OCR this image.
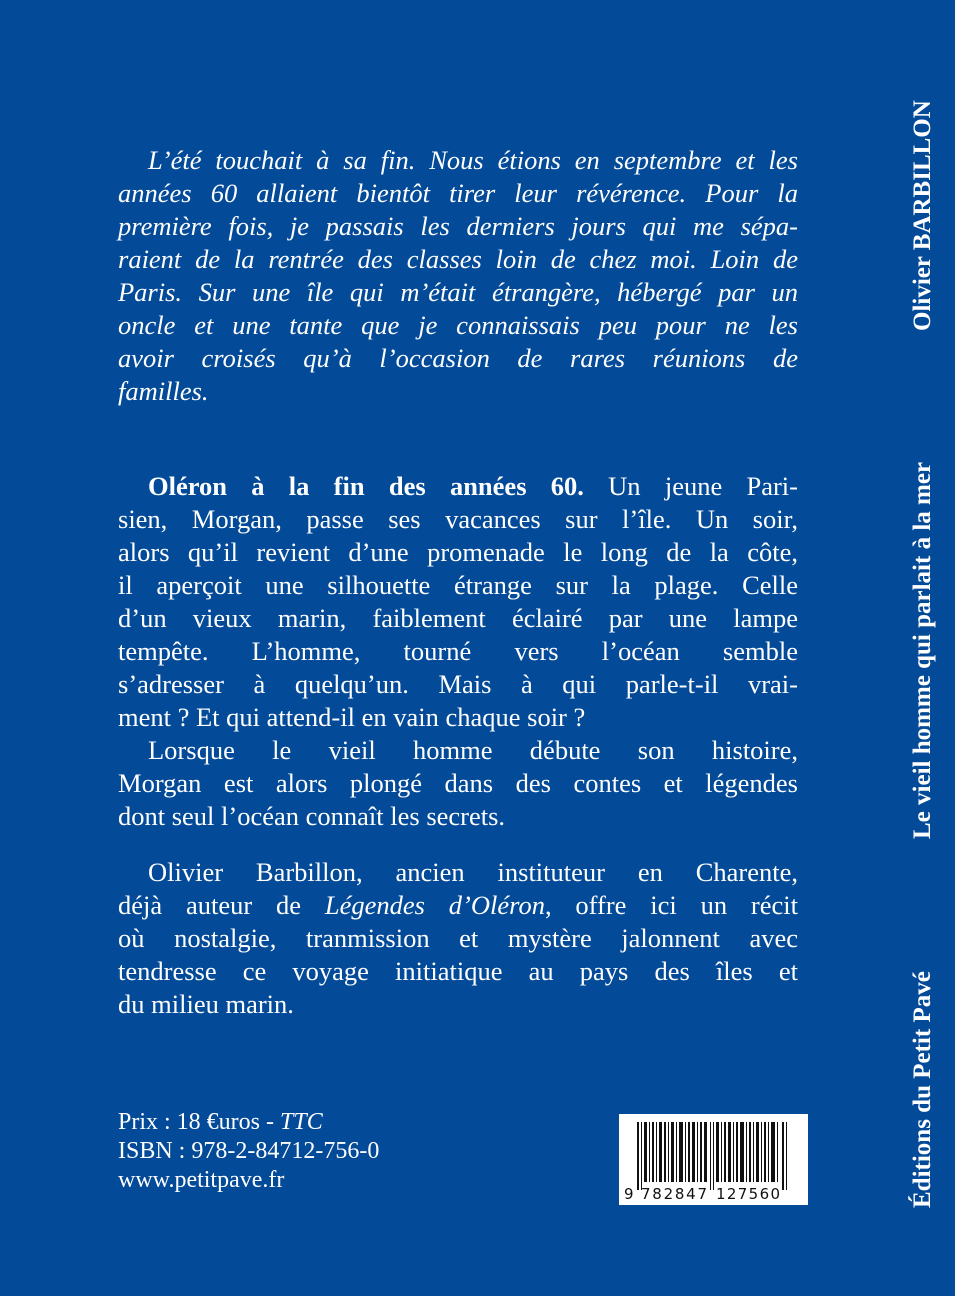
L’été touchait à sa fin. Nous étions en septembre et les
années 60 allaient bientôt tirer leur révérence. Pour la
première fois, je passais les derniers jours qui me sépa-
raient de la rentrée des classes loin de chez moi. Loin de
Paris. Sur une île qui m’était étrangère, hébergé par un
oncle et une tante que je connaissais peu pour ne les
avoir croisés qu’à l’occasion de rares réunions de
familles.
Oléron à la fin des années 60. Un jeune Pari-
sien, Morgan, passe ses vacances sur l’île. Un soir,
alors qu’il revient d’une promenade le long de la côte,
il aperçoit une silhouette étrange sur la plage. Celle
d’un vieux marin, faiblement éclairé par une lampe
tempête. L’homme, tourné vers l’océan semble
s’adresser à quelqu’un. Mais à qui parle-t-il vrai-
ment ? Et qui attend-il en vain chaque soir ?
Lorsque le vieil homme débute son histoire,
Morgan est alors plongé dans des contes et légendes
dont seul l’océan connaît les secrets.
Olivier Barbillon, ancien instituteur en Charente,
déjà auteur de Légendes d’Oléron, offre ici un récit
où nostalgie, tranmission et mystère jalonnent avec
tendresse ce voyage initiatique au pays des îles et
du milieu marin.
Prix : 18 €uros - TTC
ISBN : 978-2-84712-756-0
www.petitpave.fr
9 782847 127560
Olivier BARBILLON
Le vieil homme qui parlait à la mer
Éditions du Petit Pavé
